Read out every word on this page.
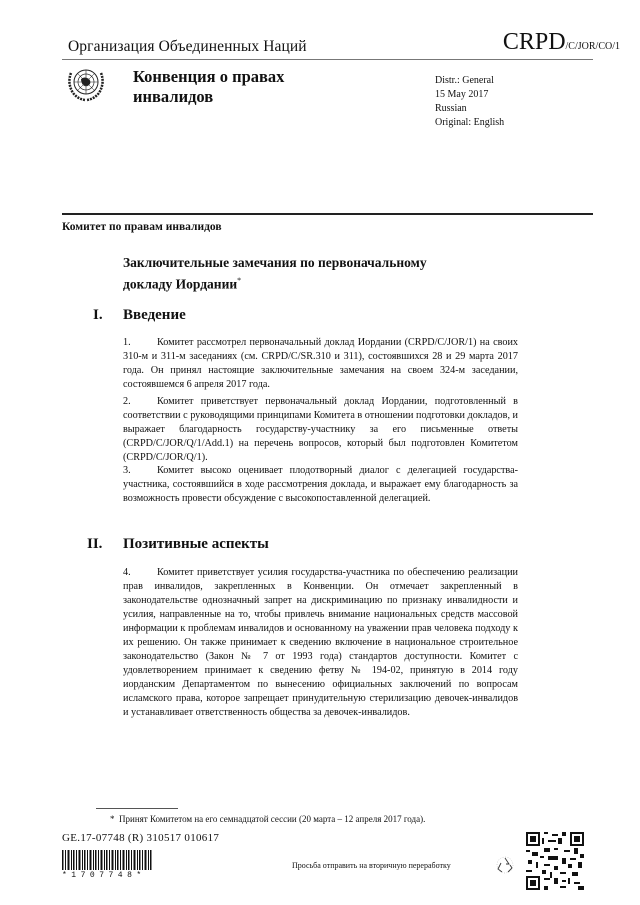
Организация Объединенных Наций	CRPD/C/JOR/CO/1
Конвенция о правах
инвалидов
Distr.: General
15 May 2017
Russian
Original: English
Комитет по правам инвалидов
Заключительные замечания по первоначальному
докладу Иордании*
I. Введение
1.	Комитет рассмотрел первоначальный доклад Иордании (CRPD/C/JOR/1) на своих 310-м и 311-м заседаниях (см. CRPD/C/SR.310 и 311), состоявшихся 28 и 29 марта 2017 года. Он принял настоящие заключительные замечания на своем 324-м заседании, состоявшемся 6 апреля 2017 года.
2.	Комитет приветствует первоначальный доклад Иордании, подготовленный в соответствии с руководящими принципами Комитета в отношении подготовки докладов, и выражает благодарность государству-участнику за его письменные ответы (CRPD/C/JOR/Q/1/Add.1) на перечень вопросов, который был подготовлен Комитетом (CRPD/C/JOR/Q/1).
3.	Комитет высоко оценивает плодотворный диалог с делегацией государства-участника, состоявшийся в ходе рассмотрения доклада, и выражает ему благодарность за возможность провести обсуждение с высокопоставленной делегацией.
II. Позитивные аспекты
4.	Комитет приветствует усилия государства-участника по обеспечению реализации прав инвалидов, закрепленных в Конвенции. Он отмечает закрепленный в законодательстве однозначный запрет на дискриминацию по признаку инвалидности и усилия, направленные на то, чтобы привлечь внимание национальных средств массовой информации к проблемам инвалидов и основанному на уважении прав человека подходу к их решению. Он также принимает к сведению включение в национальное строительное законодательство (Закон № 7 от 1993 года) стандартов доступности. Комитет с удовлетворением принимает к сведению фетву № 194-02, принятую в 2014 году иорданским Департаментом по вынесению официальных заключений по вопросам исламского права, которое запрещает принудительную стерилизацию девочек-инвалидов и устанавливает ответственность общества за девочек-инвалидов.
* Принят Комитетом на его семнадцатой сессии (20 марта – 12 апреля 2017 года).
GE.17-07748 (R) 310517 010617
*1707748*
Просьба отправить на вторичную переработку
